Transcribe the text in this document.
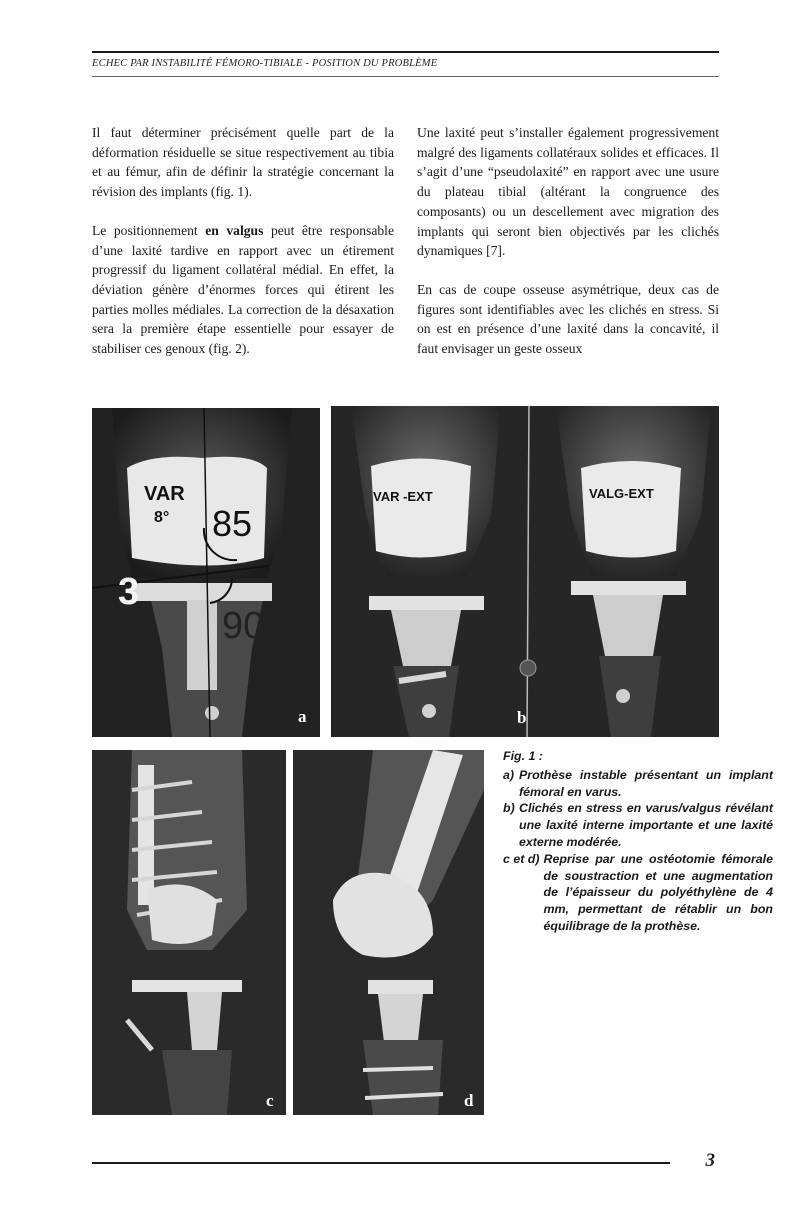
ECHEC PAR INSTABILITÉ FÉMORO-TIBIALE - POSITION DU PROBLÈME

Il faut déterminer précisément quelle part de la déformation résiduelle se situe respectivement au tibia et au fémur, afin de définir la stratégie concernant la révision des implants (fig. 1).

Le positionnement en valgus peut être responsable d’une laxité tardive en rapport avec un étirement progressif du ligament collatéral médial. En effet, la déviation génère d’énormes forces qui étirent les parties molles médiales. La correction de la désaxation sera la première étape essentielle pour essayer de stabiliser ces genoux (fig. 2).

Une laxité peut s’installer également progressivement malgré des ligaments collatéraux solides et efficaces. Il s’agit d’une “pseudolaxité” en rapport avec une usure du plateau tibial (altérant la congruence des composants) ou un descellement avec migration des implants qui seront bien objectivés par les clichés dynamiques [7].

En cas de coupe osseuse asymétrique, deux cas de figures sont identifiables avec les clichés en stress. Si on est en présence d’une laxité dans la concavité, il faut envisager un geste osseux

VAR
8° 85
90
3
a
VAR -EXT	VALG-EXT
b
c	d
Fig. 1 :
a) Prothèse instable présentant un implant fémoral en varus.
b) Clichés en stress en varus/valgus révélant une laxité interne importante et une laxité externe modérée.
c et d) Reprise par une ostéotomie fémorale de soustraction et une augmentation de l’épaisseur du polyéthylène de 4 mm, permettant de rétablir un bon équilibrage de la prothèse.
3
